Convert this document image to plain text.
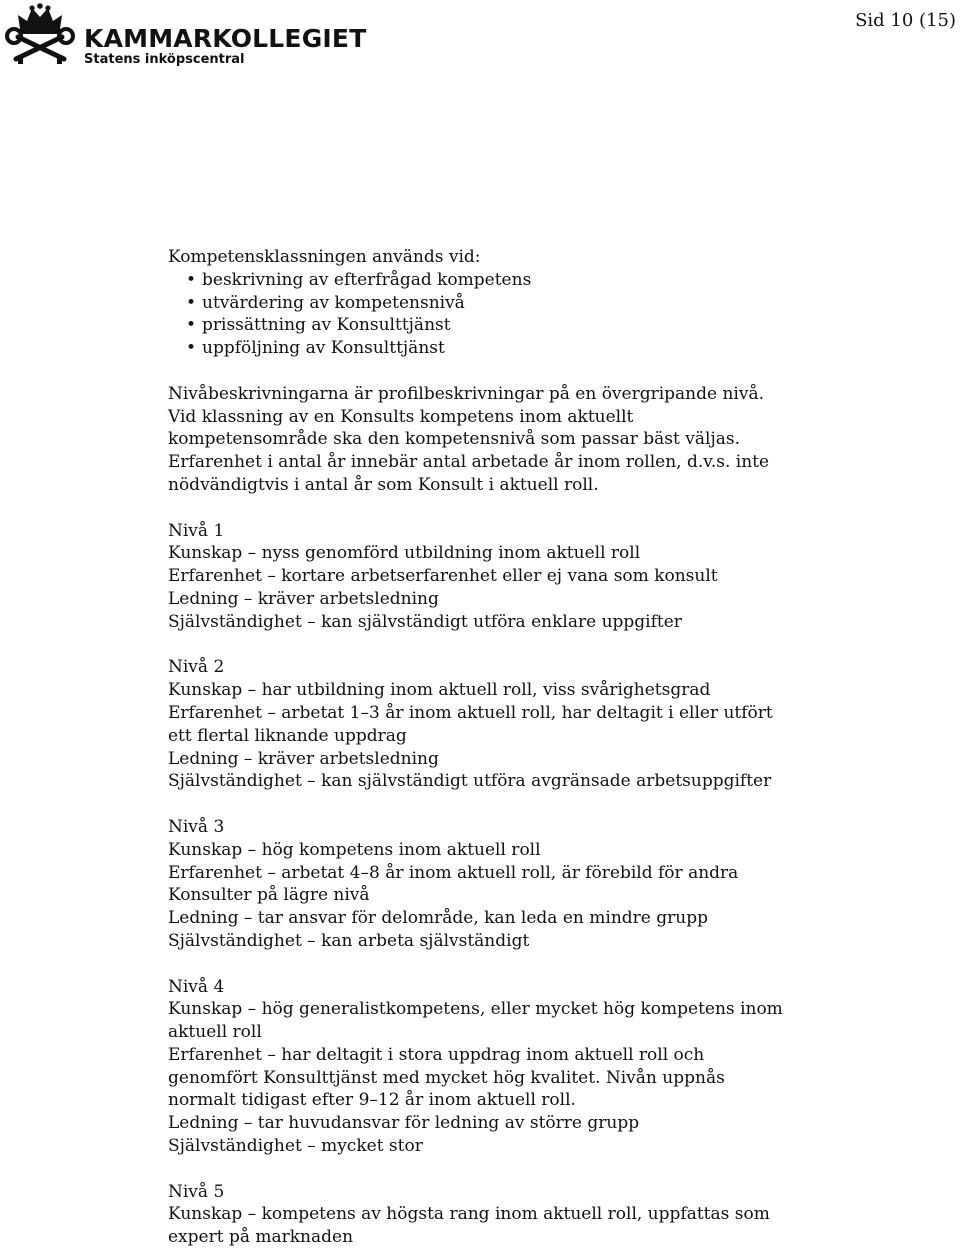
KAMMARKOLLEGIET
Statens inköpscentral
Sid 10 (15)

Kompetensklassningen används vid:

• beskrivning av efterfrågad kompetens
• utvärdering av kompetensnivå
• prissättning av Konsulttjänst
• uppföljning av Konsulttjänst

Nivåbeskrivningarna är profilbeskrivningar på en övergripande nivå.

Vid klassning av en Konsults kompetens inom aktuellt

kompetensområde ska den kompetensnivå som passar bäst väljas.

Erfarenhet i antal år innebär antal arbetade år inom rollen, d.v.s. inte

nödvändigtvis i antal år som Konsult i aktuell roll.

Nivå 1

Kunskap – nyss genomförd utbildning inom aktuell roll

Erfarenhet – kortare arbetserfarenhet eller ej vana som konsult

Ledning – kräver arbetsledning

Självständighet – kan självständigt utföra enklare uppgifter

Nivå 2

Kunskap – har utbildning inom aktuell roll, viss svårighetsgrad

Erfarenhet – arbetat 1–3 år inom aktuell roll, har deltagit i eller utfört

ett flertal liknande uppdrag

Ledning – kräver arbetsledning

Självständighet – kan självständigt utföra avgränsade arbetsuppgifter

Nivå 3

Kunskap – hög kompetens inom aktuell roll

Erfarenhet – arbetat 4–8 år inom aktuell roll, är förebild för andra

Konsulter på lägre nivå

Ledning – tar ansvar för delområde, kan leda en mindre grupp

Självständighet – kan arbeta självständigt

Nivå 4

Kunskap – hög generalistkompetens, eller mycket hög kompetens inom

aktuell roll

Erfarenhet – har deltagit i stora uppdrag inom aktuell roll och

genomfört Konsulttjänst med mycket hög kvalitet. Nivån uppnås

normalt tidigast efter 9–12 år inom aktuell roll.

Ledning – tar huvudansvar för ledning av större grupp

Självständighet – mycket stor

Nivå 5

Kunskap – kompetens av högsta rang inom aktuell roll, uppfattas som

expert på marknaden
